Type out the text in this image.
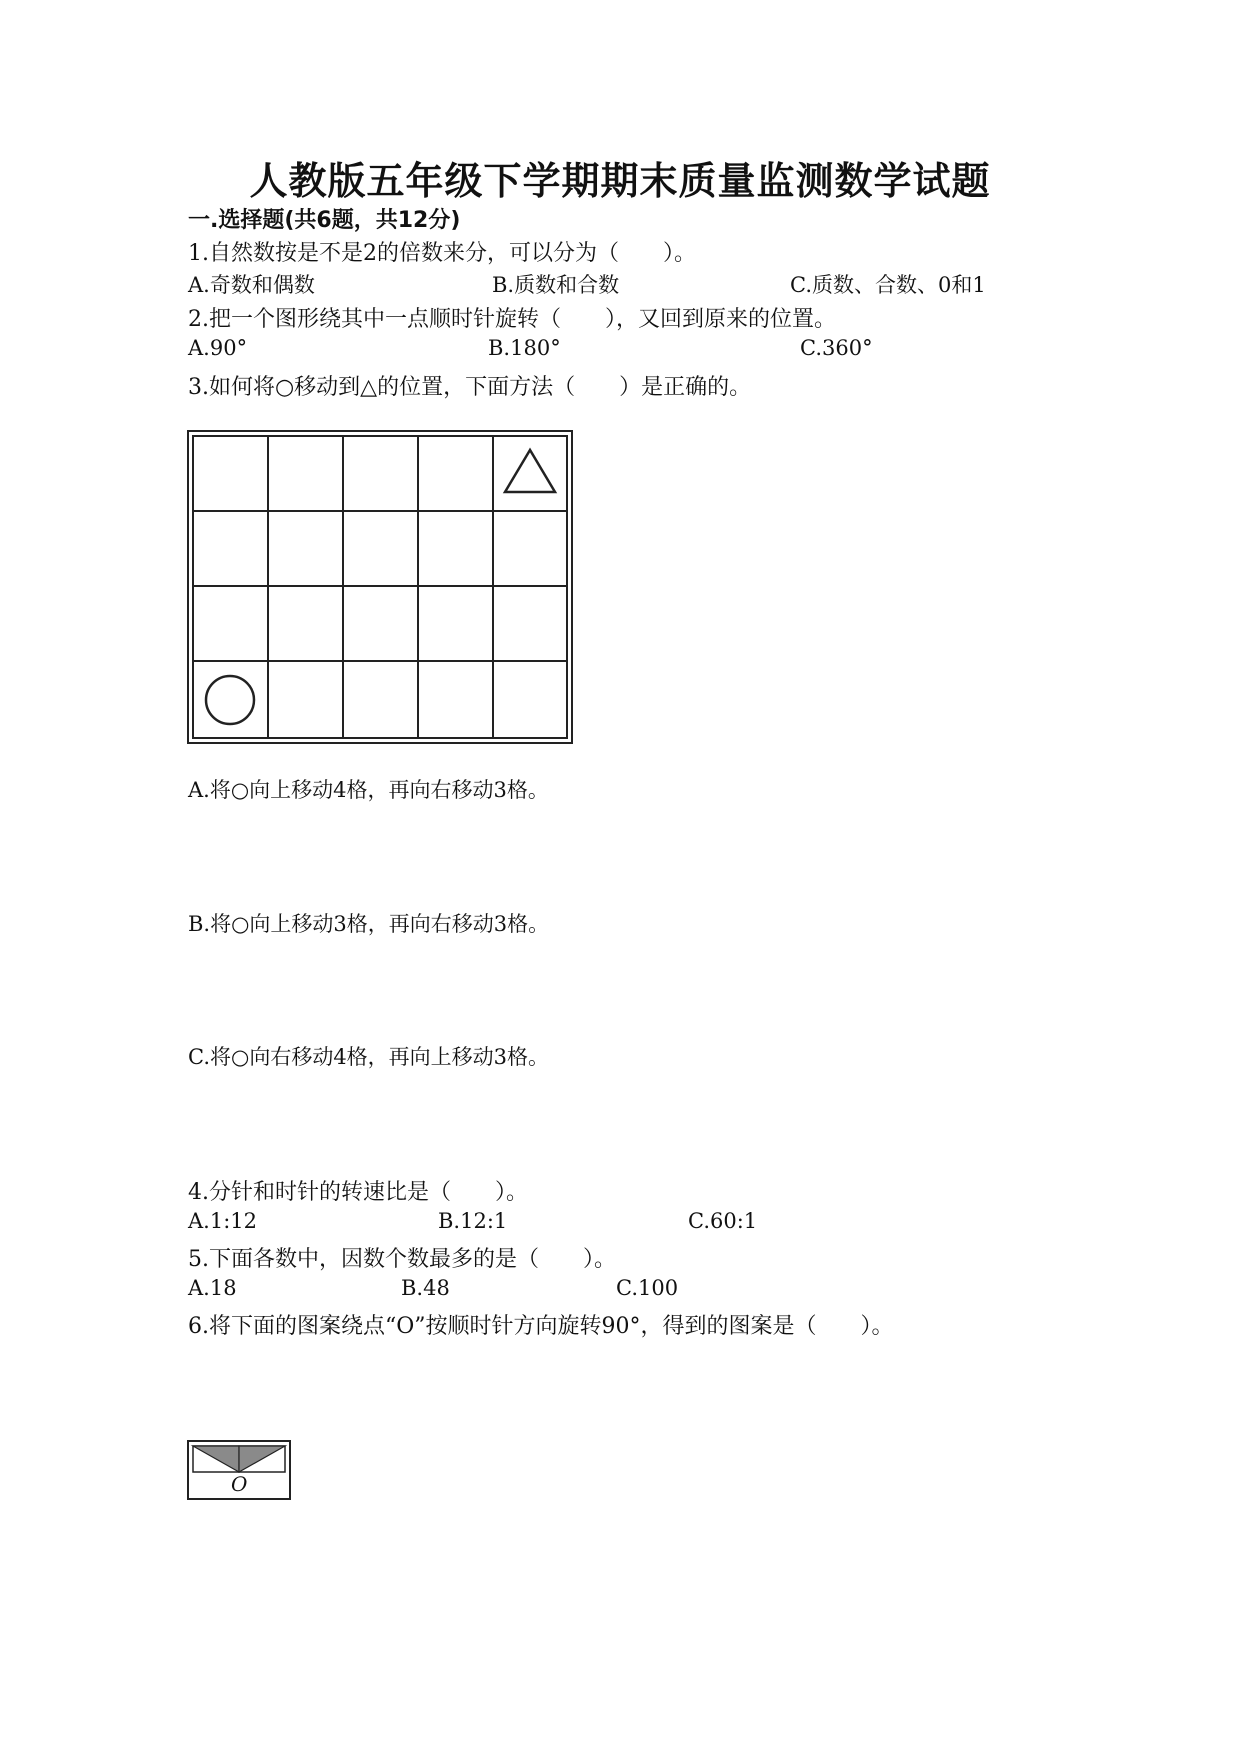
人教版五年级下学期期末质量监测数学试题
一.选择题(共6题，共12分)
1.自然数按是不是2的倍数来分，可以分为（　　）。
A.奇数和偶数	B.质数和合数	C.质数、合数、0和1
2.把一个图形绕其中一点顺时针旋转（　　），又回到原来的位置。
A.90°	B.180°	C.360°
3.如何将○移动到△的位置，下面方法（　　）是正确的。
A.将○向上移动4格，再向右移动3格。
B.将○向上移动3格，再向右移动3格。
C.将○向右移动4格，再向上移动3格。
4.分针和时针的转速比是（　　）。
A.1:12	B.12:1	C.60:1
5.下面各数中，因数个数最多的是（　　）。
A.18	B.48	C.100
6.将下面的图案绕点“O”按顺时针方向旋转90°，得到的图案是（　　）。
O
